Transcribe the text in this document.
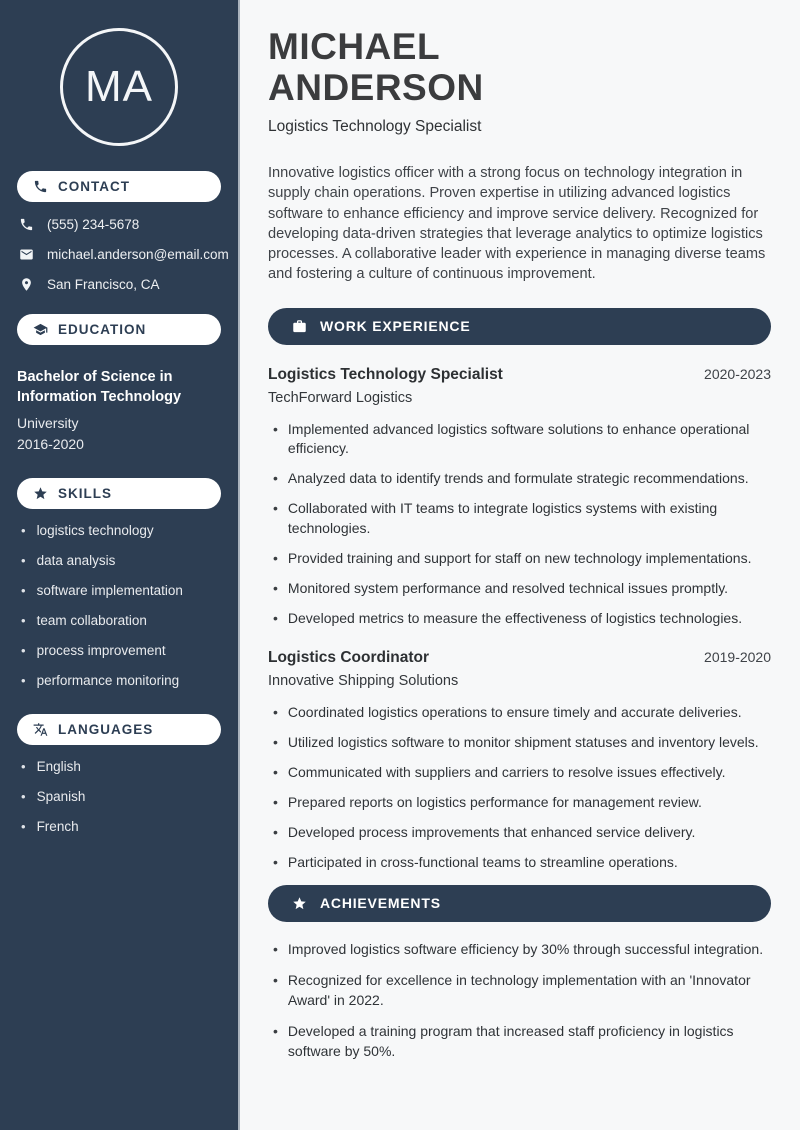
MA
CONTACT
(555) 234-5678
michael.anderson@email.com
San Francisco, CA
EDUCATION
Bachelor of Science in Information Technology
University
2016-2020
SKILLS
• logistics technology
• data analysis
• software implementation
• team collaboration
• process improvement
• performance monitoring
LANGUAGES
• English
• Spanish
• French
MICHAEL
ANDERSON
Logistics Technology Specialist

Innovative logistics officer with a strong focus on technology integration in supply chain operations. Proven expertise in utilizing advanced logistics software to enhance efficiency and improve service delivery. Recognized for developing data-driven strategies that leverage analytics to optimize logistics processes. A collaborative leader with experience in managing diverse teams and fostering a culture of continuous improvement.

WORK EXPERIENCE
Logistics Technology Specialist	2020-2023
TechForward Logistics
• Implemented advanced logistics software solutions to enhance operational efficiency.
• Analyzed data to identify trends and formulate strategic recommendations.
• Collaborated with IT teams to integrate logistics systems with existing technologies.
• Provided training and support for staff on new technology implementations.
• Monitored system performance and resolved technical issues promptly.
• Developed metrics to measure the effectiveness of logistics technologies.
Logistics Coordinator	2019-2020
Innovative Shipping Solutions
• Coordinated logistics operations to ensure timely and accurate deliveries.
• Utilized logistics software to monitor shipment statuses and inventory levels.
• Communicated with suppliers and carriers to resolve issues effectively.
• Prepared reports on logistics performance for management review.
• Developed process improvements that enhanced service delivery.
• Participated in cross-functional teams to streamline operations.
ACHIEVEMENTS
• Improved logistics software efficiency by 30% through successful integration.
• Recognized for excellence in technology implementation with an 'Innovator Award' in 2022.
• Developed a training program that increased staff proficiency in logistics software by 50%.
